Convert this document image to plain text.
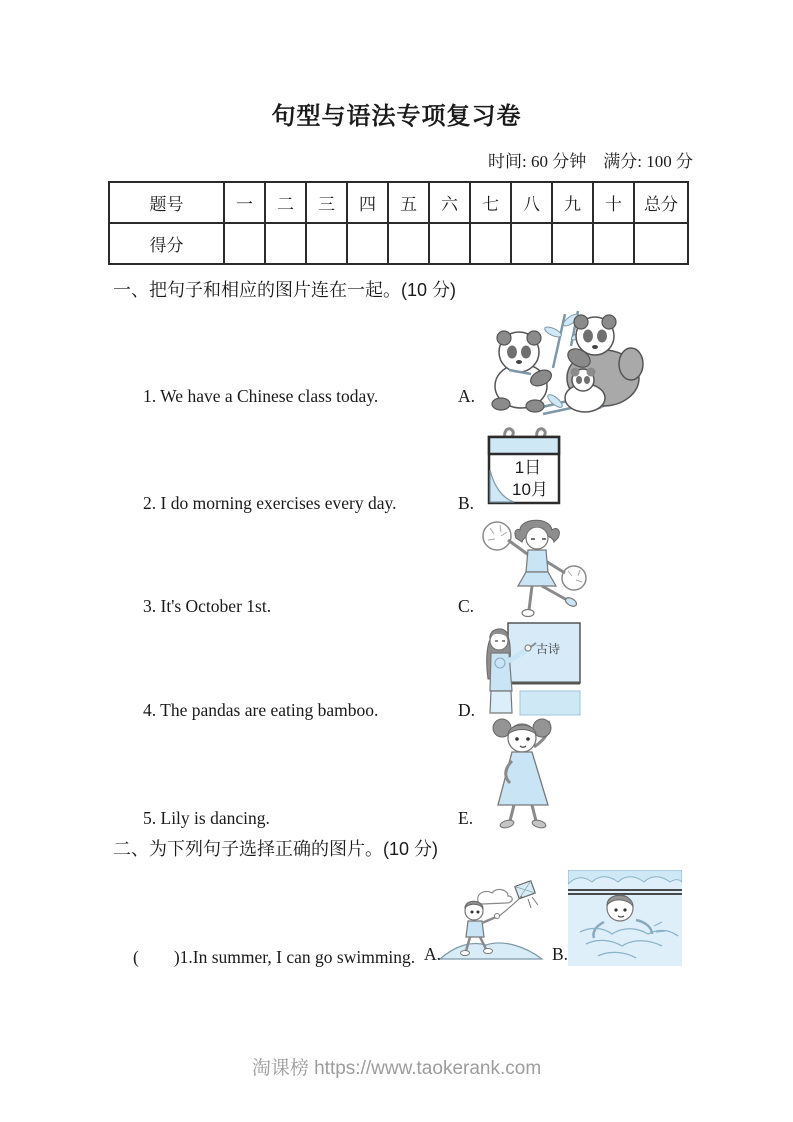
句型与语法专项复习卷
时间: 60 分钟　满分: 100 分
题号	一	二	三	四	五	六	七	八	九	十	总分
得分											
一、把句子和相应的图片连在一起。(10 分)
1. We have a Chinese class today.	A.
1日
10月
2. I do morning exercises every day.	B.
3. It's October 1st.	C.
古诗
4. The pandas are eating bamboo.	D.
5. Lily is dancing.	E.
二、为下列句子选择正确的图片。(10 分)
(　　)1.In summer, I can go swimming. A.	B.
淘课榜 https://www.taokerank.com
